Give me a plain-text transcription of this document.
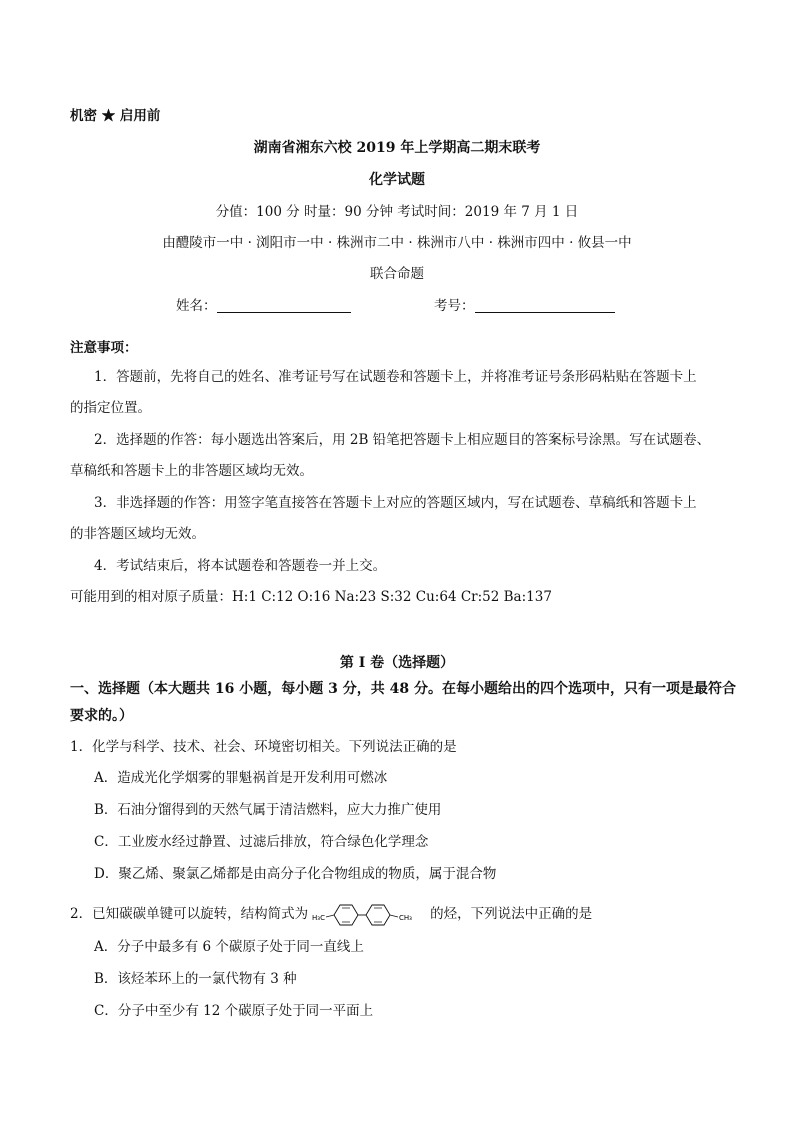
机密 ★ 启用前
湖南省湘东六校 2019 年上学期高二期末联考
化学试题
分值：100 分 时量：90 分钟 考试时间：2019 年 7 月 1 日
由醴陵市一中 · 浏阳市一中 · 株洲市二中 · 株洲市八中 · 株洲市四中 · 攸县一中
联合命题
姓名：	考号：
注意事项：
1．答题前，先将自己的姓名、准考证号写在试题卷和答题卡上，并将准考证号条形码粘贴在答题卡上
的指定位置。
2．选择题的作答：每小题选出答案后，用 2B 铅笔把答题卡上相应题目的答案标号涂黑。写在试题卷、
草稿纸和答题卡上的非答题区域均无效。
3．非选择题的作答：用签字笔直接答在答题卡上对应的答题区域内，写在试题卷、草稿纸和答题卡上
的非答题区域均无效。
4．考试结束后，将本试题卷和答题卷一并上交。
可能用到的相对原子质量：H:1 C:12 O:16 Na:23 S:32 Cu:64 Cr:52 Ba:137
第 I 卷（选择题）
一、选择题（本大题共 16 小题，每小题 3 分，共 48 分。在每小题给出的四个选项中，只有一项是最符合
要求的。）
1．化学与科学、技术、社会、环境密切相关。下列说法正确的是
A．造成光化学烟雾的罪魁祸首是开发利用可燃冰
B．石油分馏得到的天然气属于清洁燃料，应大力推广使用
C．工业废水经过静置、过滤后排放，符合绿色化学理念
D．聚乙烯、聚氯乙烯都是由高分子化合物组成的物质，属于混合物
2．已知碳碳单键可以旋转，结构简式为 H₃C	CH₃ 的烃，下列说法中正确的是
A．分子中最多有 6 个碳原子处于同一直线上
B．该烃苯环上的一氯代物有 3 种
C．分子中至少有 12 个碳原子处于同一平面上
